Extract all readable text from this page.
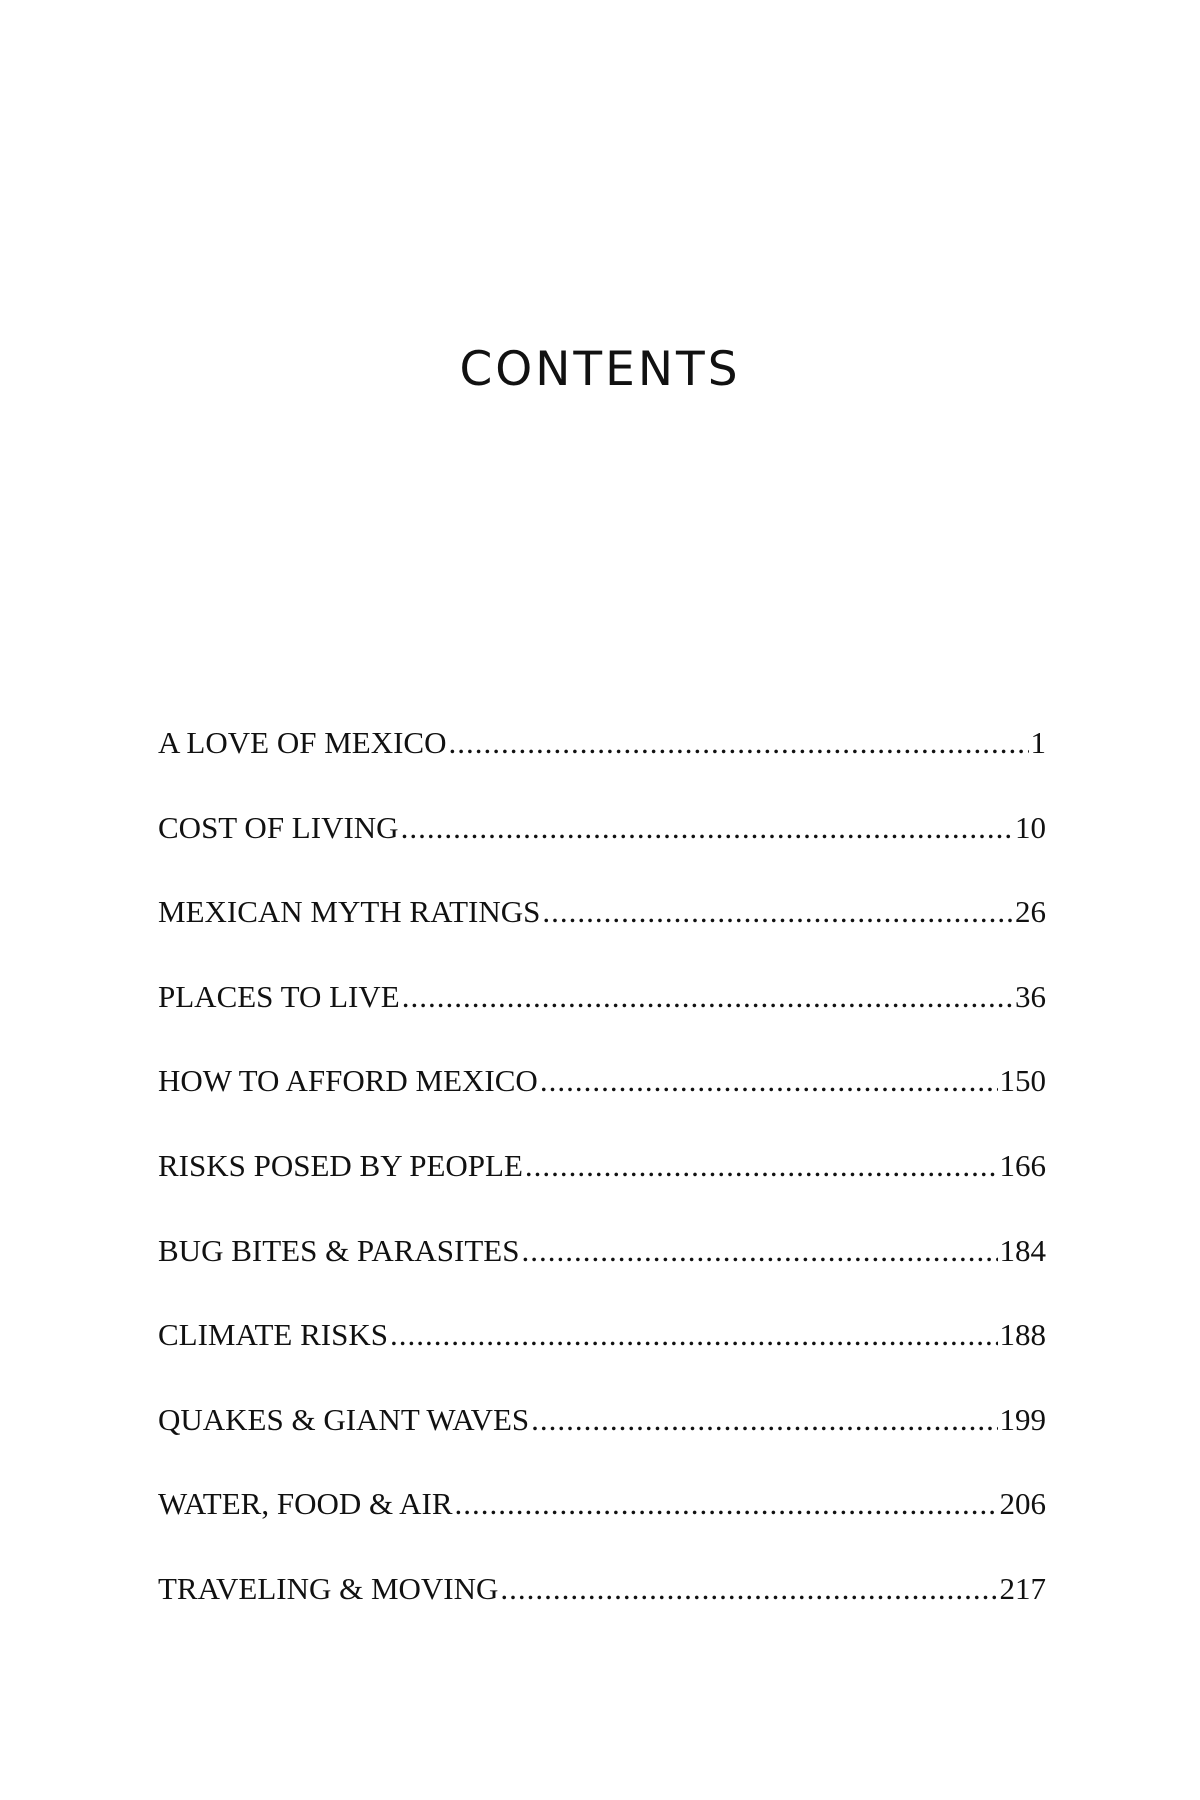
CONTENTS
A LOVE OF MEXICO .....	1
COST OF LIVING .....	10
MEXICAN MYTH RATINGS .....	26
PLACES TO LIVE .....	36
HOW TO AFFORD MEXICO .....	150
RISKS POSED BY PEOPLE .....	166
BUG BITES & PARASITES .....	184
CLIMATE RISKS .....	188
QUAKES & GIANT WAVES .....	199
WATER, FOOD & AIR .....	206
TRAVELING & MOVING .....	217
